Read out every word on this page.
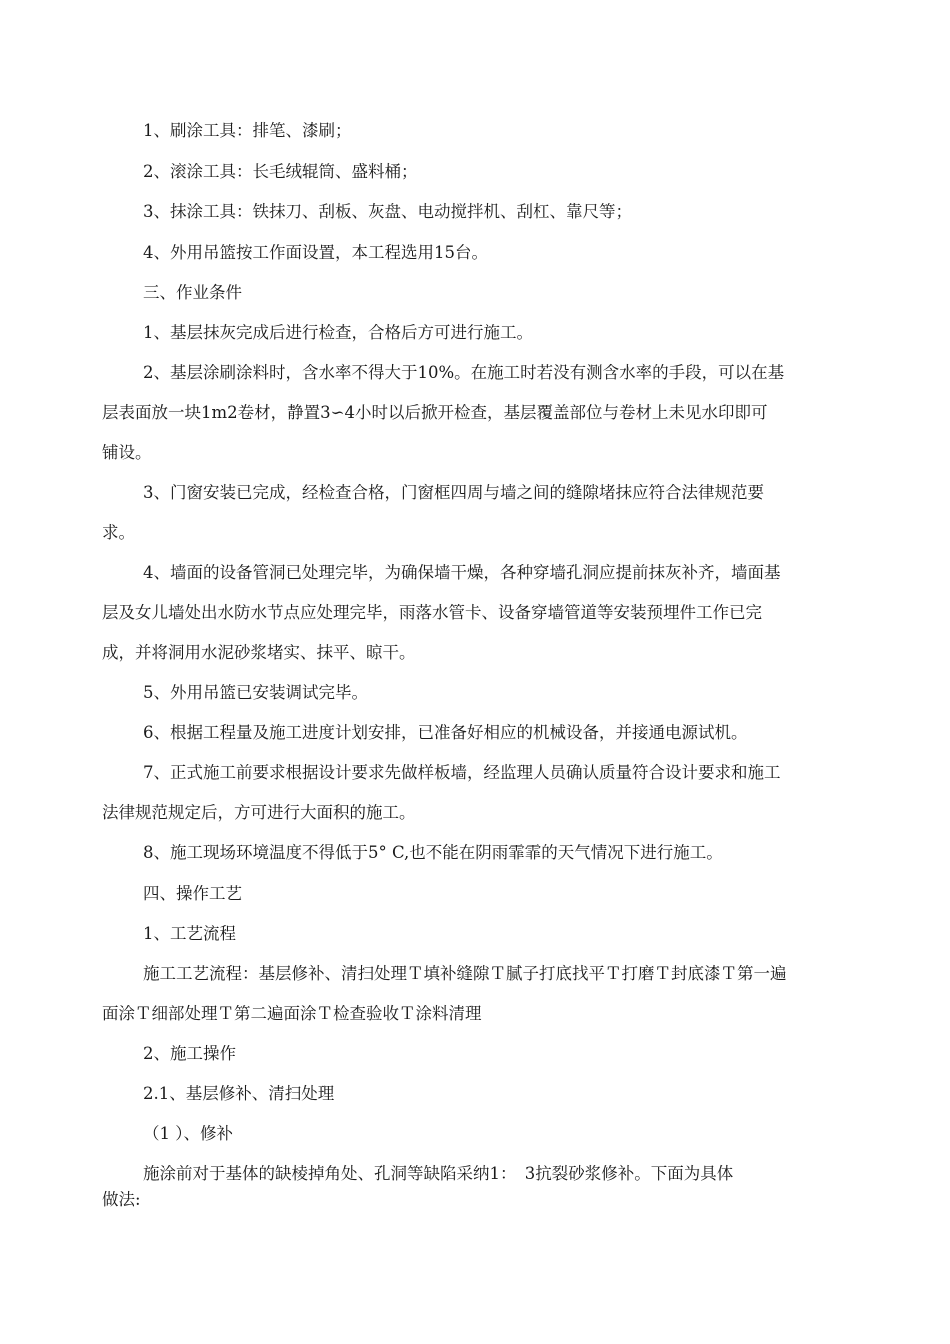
1、刷涂工具：排笔、漆刷；
2、滚涂工具：长毛绒辊筒、盛料桶；
3、抹涂工具：铁抹刀、刮板、灰盘、电动搅拌机、刮杠、靠尺等；
4、外用吊篮按工作面设置，本工程选用15台。
三、作业条件
1、基层抹灰完成后进行检查，合格后方可进行施工。
2、基层涂刷涂料时，含水率不得大于10%。在施工时若没有测含水率的手段，可以在基
层表面放一块1m2卷材，静置3∽4小时以后掀开检查，基层覆盖部位与卷材上未见水印即可
铺设。
3、门窗安装已完成，经检查合格，门窗框四周与墙之间的缝隙堵抹应符合法律规范要
求。
4、墙面的设备管洞已处理完毕，为确保墙干燥，各种穿墙孔洞应提前抹灰补齐，墙面基
层及女儿墙处出水防水节点应处理完毕，雨落水管卡、设备穿墙管道等安装预埋件工作已完
成，并将洞用水泥砂浆堵实、抹平、晾干。
5、外用吊篮已安装调试完毕。
6、根据工程量及施工进度计划安排，已准备好相应的机械设备，并接通电源试机。
7、正式施工前要求根据设计要求先做样板墙，经监理人员确认质量符合设计要求和施工
法律规范规定后，方可进行大面积的施工。
8、施工现场环境温度不得低于5° C,也不能在阴雨霏霏的天气情况下进行施工。
四、操作工艺
1、工艺流程
施工工艺流程：基层修补、清扫处理Ｔ填补缝隙Ｔ腻子打底找平Ｔ打磨Ｔ封底漆Ｔ第一遍
面涂Ｔ细部处理Ｔ第二遍面涂Ｔ检查验收Ｔ涂料清理
2、施工操作
2.1、基层修补、清扫处理
（1 ）、修补
施涂前对于基体的缺棱掉角处、孔洞等缺陷采纳1：　3抗裂砂浆修补。下面为具体
做法:
